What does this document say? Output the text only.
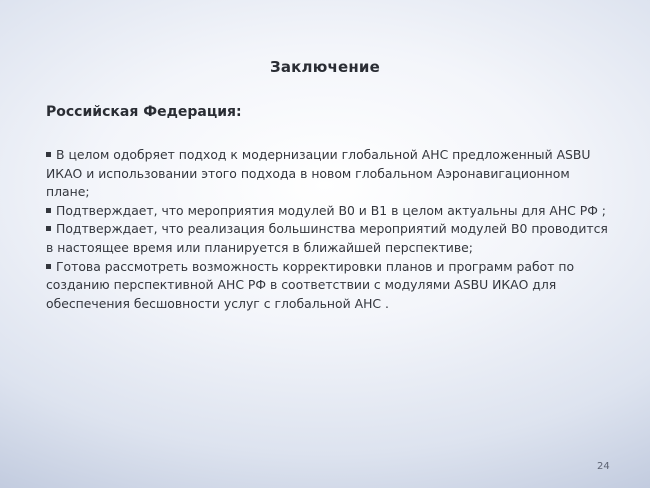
Заключение
Российская Федерация:
В целом одобряет подход к модернизации глобальной АНС предложенный ASBU ИКАО и использовании этого подхода в новом глобальном Аэронавигационном плане;
Подтверждает, что мероприятия модулей В0 и В1 в целом актуальны для АНС РФ ;
Подтверждает, что реализация большинства мероприятий модулей В0 проводится в настоящее время или планируется в ближайшей перспективе;
Готова рассмотреть возможность корректировки планов и программ работ по созданию перспективной АНС РФ в соответствии с модулями ASBU ИКАО для обеспечения бесшовности услуг с глобальной АНС .
24
